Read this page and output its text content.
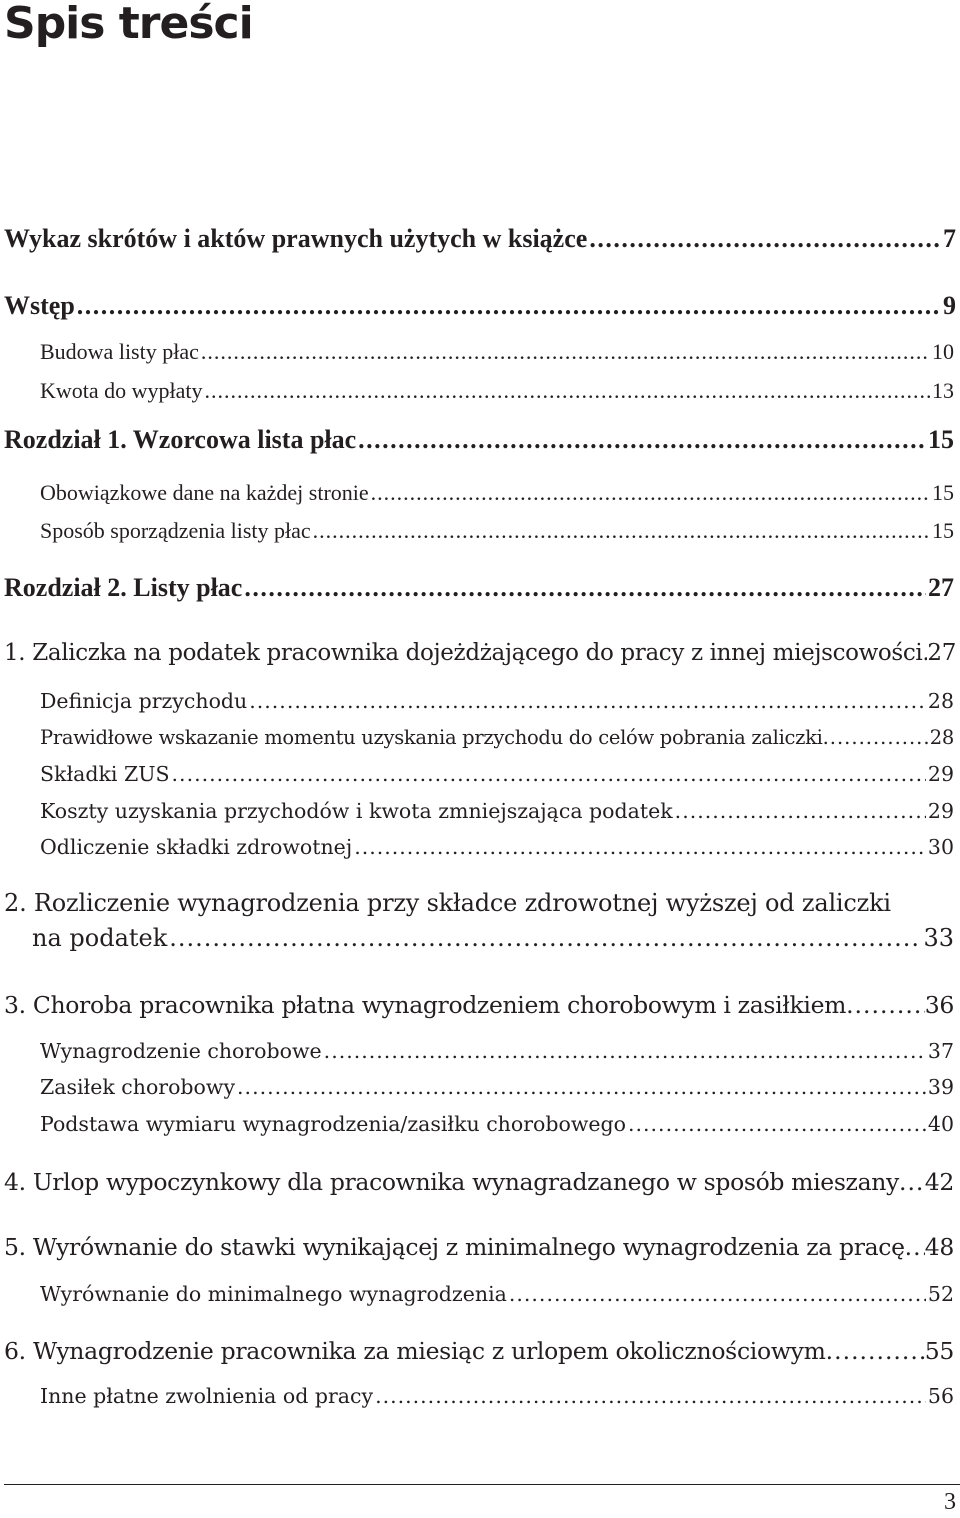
Spis treści
Wykaz skrótów i aktów prawnych użytych w książce .....	7
Wstęp .....	9
Budowa listy płac .....	10
Kwota do wypłaty .....	13
Rozdział 1. Wzorcowa lista płac .....	15
Obowiązkowe dane na każdej stronie .....	15
Sposób sporządzenia listy płac .....	15
Rozdział 2. Listy płac .....	27
1. Zaliczka na podatek pracownika dojeżdżającego do pracy z innej miejscowości ..... 27
Definicja przychodu .....	28
Prawidłowe wskazanie momentu uzyskania przychodu do celów pobrania zaliczki .....	28
Składki ZUS .....	29
Koszty uzyskania przychodów i kwota zmniejszająca podatek .....	29
Odliczenie składki zdrowotnej .....	30
2. Rozliczenie wynagrodzenia przy składce zdrowotnej wyższej od zaliczki
na podatek .....	33
3. Choroba pracownika płatna wynagrodzeniem chorobowym i zasiłkiem .....	36
Wynagrodzenie chorobowe .....	37
Zasiłek chorobowy .....	39
Podstawa wymiaru wynagrodzenia/zasiłku chorobowego .....	40
4. Urlop wypoczynkowy dla pracownika wynagradzanego w sposób mieszany ..... 42
5. Wyrównanie do stawki wynikającej z minimalnego wynagrodzenia za pracę ..... 48
Wyrównanie do minimalnego wynagrodzenia .....	52
6. Wynagrodzenie pracownika za miesiąc z urlopem okolicznościowym .....	55
Inne płatne zwolnienia od pracy .....	56
3
